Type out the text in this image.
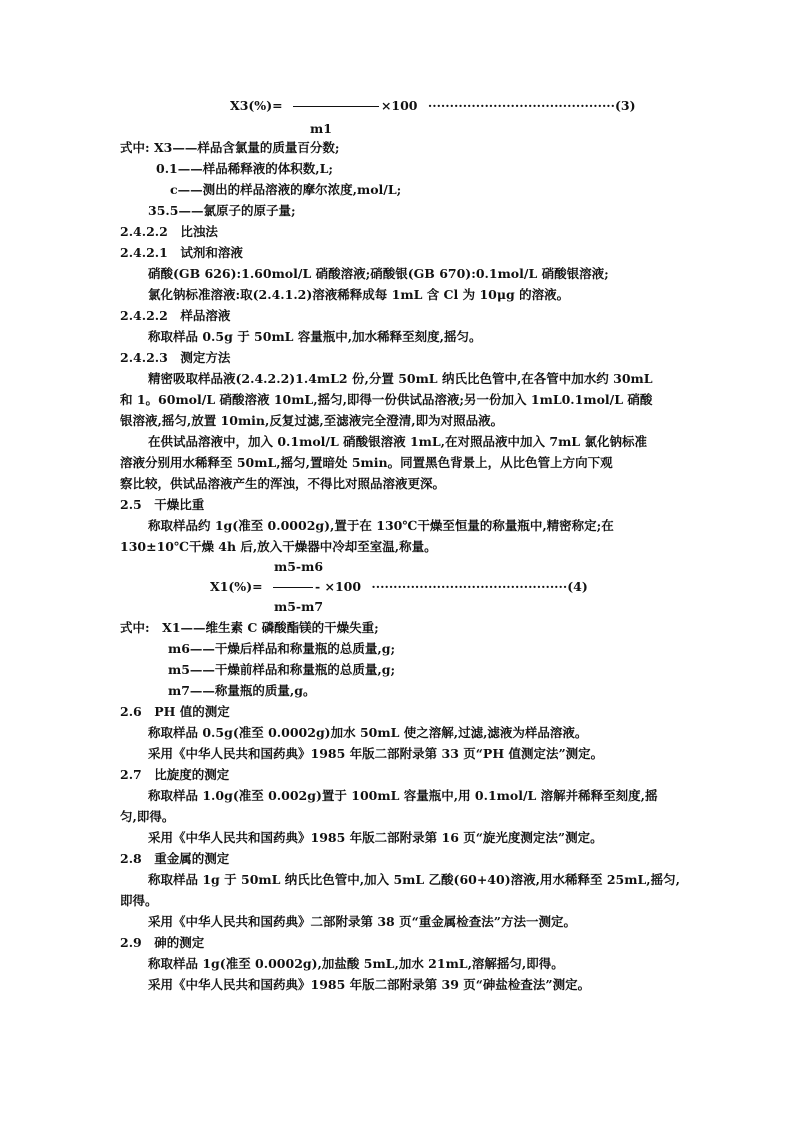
X3(%)=	×100 ···········································(3)
m1
式中: X3——样品含氯量的质量百分数;
0.1——样品稀释液的体积数,L;
c——测出的样品溶液的摩尔浓度,mol/L;
35.5——氯原子的原子量;
2.4.2.2　比浊法
2.4.2.1　试剂和溶液
硝酸(GB 626):1.60mol/L 硝酸溶液;硝酸银(GB 670):0.1mol/L 硝酸银溶液;
氯化钠标准溶液:取(2.4.1.2)溶液稀释成每 1mL 含 Cl 为 10μg 的溶液。
2.4.2.2　样品溶液
称取样品 0.5g 于 50mL 容量瓶中,加水稀释至刻度,摇匀。
2.4.2.3　测定方法
精密吸取样品液(2.4.2.2)1.4mL2 份,分置 50mL 纳氏比色管中,在各管中加水约 30mL
和 1。60mol/L 硝酸溶液 10mL,摇匀,即得一份供试品溶液;另一份加入 1mL0.1mol/L 硝酸
银溶液,摇匀,放置 10min,反复过滤,至滤液完全澄清,即为对照品液。
在供试品溶液中，加入 0.1mol/L 硝酸银溶液 1mL,在对照品液中加入 7mL 氯化钠标准
溶液分别用水稀释至 50mL,摇匀,置暗处 5min。同置黑色背景上，从比色管上方向下观
察比较，供试品溶液产生的浑浊，不得比对照品溶液更深。
2.5　干燥比重
称取样品约 1g(准至 0.0002g),置于在 130℃干燥至恒量的称量瓶中,精密称定;在
130±10℃干燥 4h 后,放入干燥器中冷却至室温,称量。
m5-m6
X1(%)=	- ×100 ·············································(4)
m5-m7
式中:　X1——维生素 C 磷酸酯镁的干燥失重;
m6——干燥后样品和称量瓶的总质量,g;
m5——干燥前样品和称量瓶的总质量,g;
m7——称量瓶的质量,g。
2.6　PH 值的测定
称取样品 0.5g(准至 0.0002g)加水 50mL 使之溶解,过滤,滤液为样品溶液。
采用《中华人民共和国药典》1985 年版二部附录第 33 页“PH 值测定法”测定。
2.7　比旋度的测定
称取样品 1.0g(准至 0.002g)置于 100mL 容量瓶中,用 0.1mol/L 溶解并稀释至刻度,摇
匀,即得。
采用《中华人民共和国药典》1985 年版二部附录第 16 页“旋光度测定法”测定。
2.8　重金属的测定
称取样品 1g 于 50mL 纳氏比色管中,加入 5mL 乙酸(60+40)溶液,用水稀释至 25mL,摇匀,
即得。
采用《中华人民共和国药典》二部附录第 38 页“重金属检查法”方法一测定。
2.9　砷的测定
称取样品 1g(准至 0.0002g),加盐酸 5mL,加水 21mL,溶解摇匀,即得。
采用《中华人民共和国药典》1985 年版二部附录第 39 页“砷盐检查法”测定。
